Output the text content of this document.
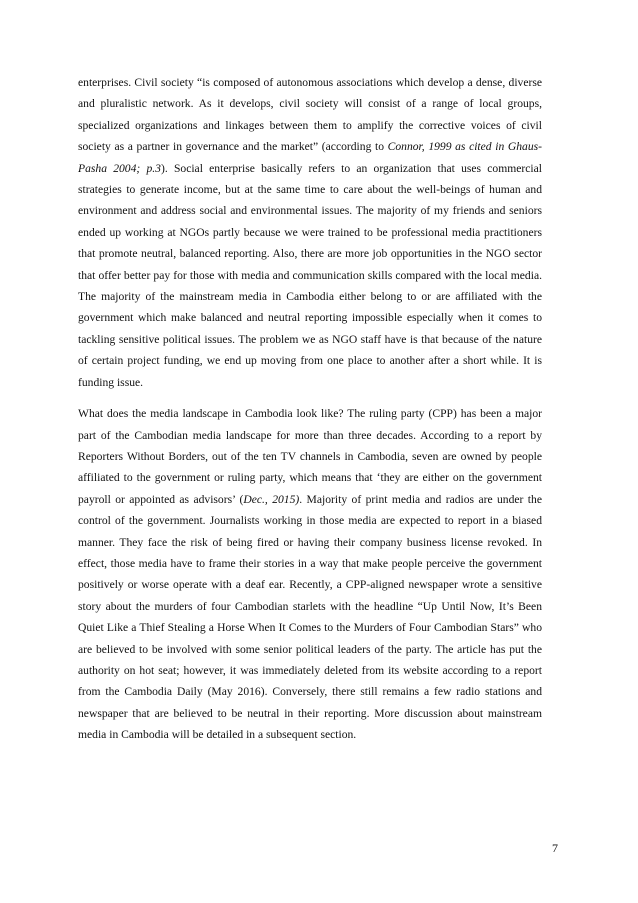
enterprises. Civil society “is composed of autonomous associations which develop a dense, diverse and pluralistic network. As it develops, civil society will consist of a range of local groups, specialized organizations and linkages between them to amplify the corrective voices of civil society as a partner in governance and the market” (according to Connor, 1999 as cited in Ghaus-Pasha 2004; p.3). Social enterprise basically refers to an organization that uses commercial strategies to generate income, but at the same time to care about the well-beings of human and environment and address social and environmental issues. The majority of my friends and seniors ended up working at NGOs partly because we were trained to be professional media practitioners that promote neutral, balanced reporting. Also, there are more job opportunities in the NGO sector that offer better pay for those with media and communication skills compared with the local media. The majority of the mainstream media in Cambodia either belong to or are affiliated with the government which make balanced and neutral reporting impossible especially when it comes to tackling sensitive political issues. The problem we as NGO staff have is that because of the nature of certain project funding, we end up moving from one place to another after a short while. It is funding issue.

What does the media landscape in Cambodia look like? The ruling party (CPP) has been a major part of the Cambodian media landscape for more than three decades. According to a report by Reporters Without Borders, out of the ten TV channels in Cambodia, seven are owned by people affiliated to the government or ruling party, which means that ‘they are either on the government payroll or appointed as advisors’ (Dec., 2015). Majority of print media and radios are under the control of the government. Journalists working in those media are expected to report in a biased manner. They face the risk of being fired or having their company business license revoked. In effect, those media have to frame their stories in a way that make people perceive the government positively or worse operate with a deaf ear. Recently, a CPP-aligned newspaper wrote a sensitive story about the murders of four Cambodian starlets with the headline “Up Until Now, It’s Been Quiet Like a Thief Stealing a Horse When It Comes to the Murders of Four Cambodian Stars” who are believed to be involved with some senior political leaders of the party. The article has put the authority on hot seat; however, it was immediately deleted from its website according to a report from the Cambodia Daily (May 2016). Conversely, there still remains a few radio stations and newspaper that are believed to be neutral in their reporting. More discussion about mainstream media in Cambodia will be detailed in a subsequent section.

7
